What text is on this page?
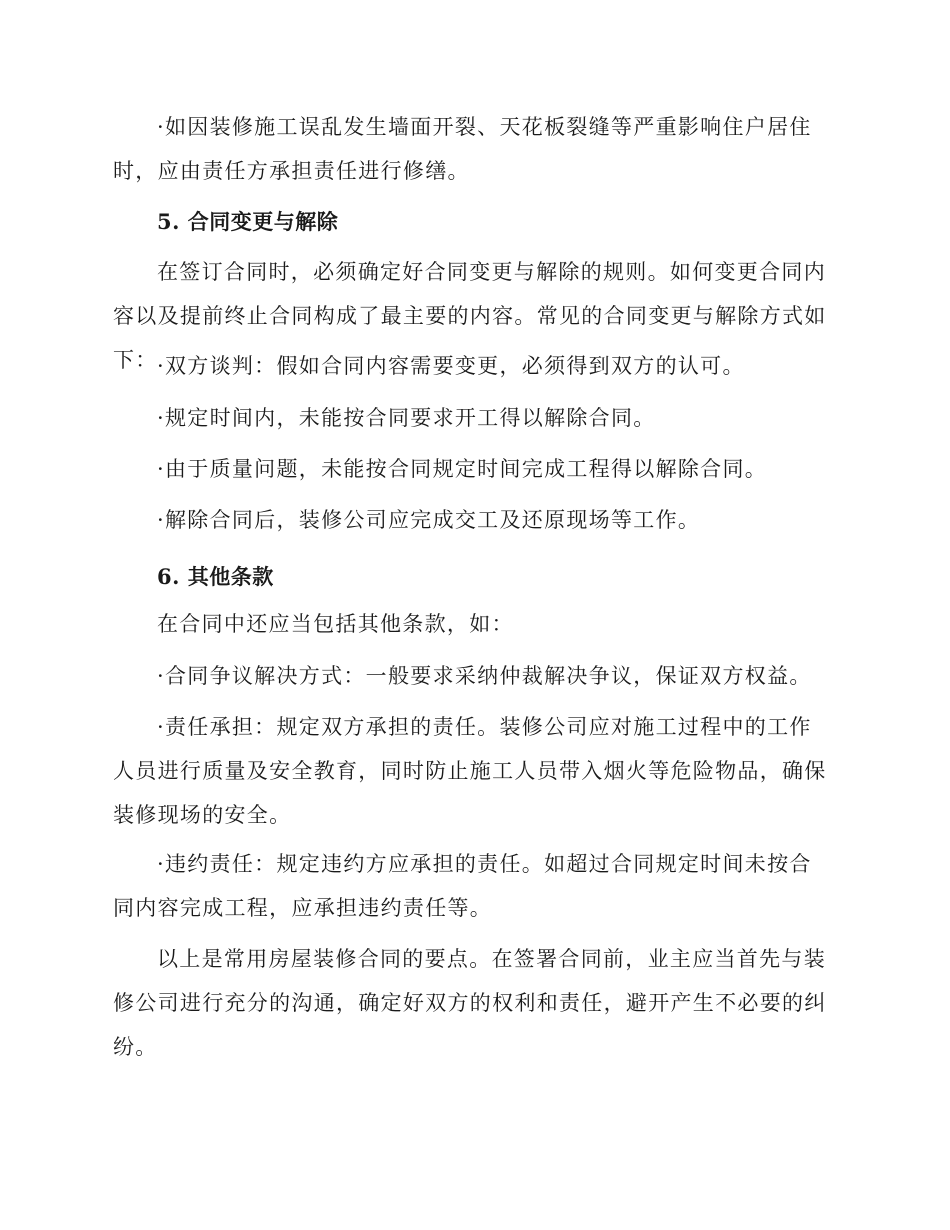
·如因装修施工误乱发生墙面开裂、天花板裂缝等严重影响住户居住时，应由责任方承担责任进行修缮。

5. 合同变更与解除

在签订合同时，必须确定好合同变更与解除的规则。如何变更合同内容以及提前终止合同构成了最主要的内容。常见的合同变更与解除方式如下： ·双方谈判：假如合同内容需要变更，必须得到双方的认可。

·规定时间内，未能按合同要求开工得以解除合同。

·由于质量问题，未能按合同规定时间完成工程得以解除合同。

·解除合同后，装修公司应完成交工及还原现场等工作。

6. 其他条款

在合同中还应当包括其他条款，如：

·合同争议解决方式：一般要求采纳仲裁解决争议，保证双方权益。

·责任承担：规定双方承担的责任。装修公司应对施工过程中的工作人员进行质量及安全教育，同时防止施工人员带入烟火等危险物品，确保装修现场的安全。

·违约责任：规定违约方应承担的责任。如超过合同规定时间未按合同内容完成工程，应承担违约责任等。

以上是常用房屋装修合同的要点。在签署合同前，业主应当首先与装修公司进行充分的沟通，确定好双方的权利和责任，避开产生不必要的纠纷。
